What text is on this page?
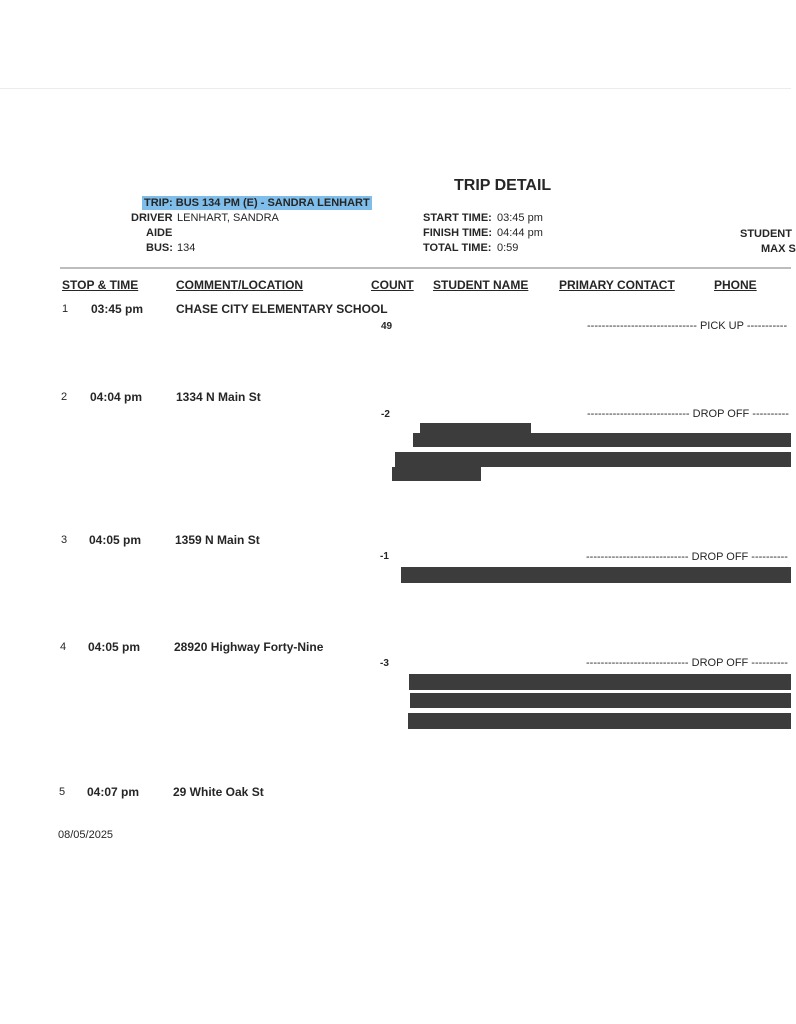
TRIP DETAIL
TRIP: BUS 134 PM (E) - SANDRA LENHART
DRIVER LENHART, SANDRA
AIDE
BUS: 134
START TIME: 03:45 pm
FINISH TIME: 04:44 pm
TOTAL TIME: 0:59
STUDENT
MAX S
STOP & TIME	COMMENT/LOCATION	COUNT STUDENT NAME	PRIMARY CONTACT	PHONE
1 03:45 pm	CHASE CITY ELEMENTARY SCHOOL
49	------------------------------ PICK UP -----------
2 04:04 pm	1334 N Main St
-2	---------------------------- DROP OFF ----------
3 04:05 pm	1359 N Main St
-1	---------------------------- DROP OFF ----------
4 04:05 pm	28920 Highway Forty-Nine
-3	---------------------------- DROP OFF ----------
5 04:07 pm	29 White Oak St
08/05/2025
